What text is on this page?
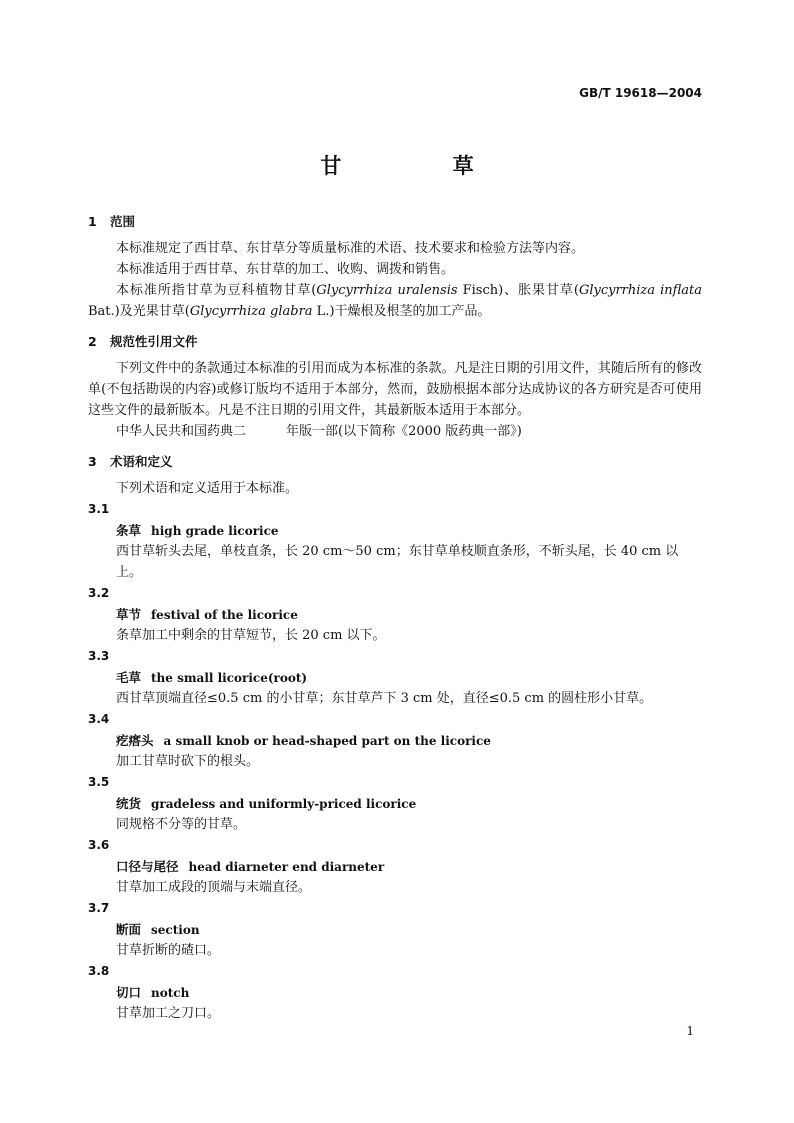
GB/T 19618—2004
甘 草
1 范围
本标准规定了西甘草、东甘草分等质量标准的术语、技术要求和检验方法等内容。
本标准适用于西甘草、东甘草的加工、收购、调拨和销售。
本标准所指甘草为豆科植物甘草(Glycyrrhiza uralensis Fisch)、胀果甘草(Glycyrrhiza inflata Bat.)及光果甘草(Glycyrrhiza glabra L.)干燥根及根茎的加工产品。
2 规范性引用文件
下列文件中的条款通过本标准的引用而成为本标准的条款。凡是注日期的引用文件，其随后所有的修改单(不包括勘误的内容)或修订版均不适用于本部分，然而，鼓励根据本部分达成协议的各方研究是否可使用这些文件的最新版本。凡是不注日期的引用文件，其最新版本适用于本部分。
中华人民共和国药典二	年版一部(以下简称《2000 版药典一部》)
3 术语和定义
下列术语和定义适用于本标准。
3.1
条草 high grade licorice
西甘草斩头去尾，单枝直条，长 20 cm～50 cm；东甘草单枝顺直条形，不斩头尾，长 40 cm 以上。
3.2
草节 festival of the licorice
条草加工中剩余的甘草短节，长 20 cm 以下。
3.3
毛草 the small licorice(root)
西甘草顶端直径≤0.5 cm 的小甘草；东甘草芦下 3 cm 处，直径≤0.5 cm 的圆柱形小甘草。
3.4
疙瘩头 a small knob or head-shaped part on the licorice
加工甘草时砍下的根头。
3.5
统货 gradeless and uniformly-priced licorice
同规格不分等的甘草。
3.6
口径与尾径 head diarneter end diarneter
甘草加工成段的顶端与末端直径。
3.7
断面 section
甘草折断的碴口。
3.8
切口 notch
甘草加工之刀口。
1
